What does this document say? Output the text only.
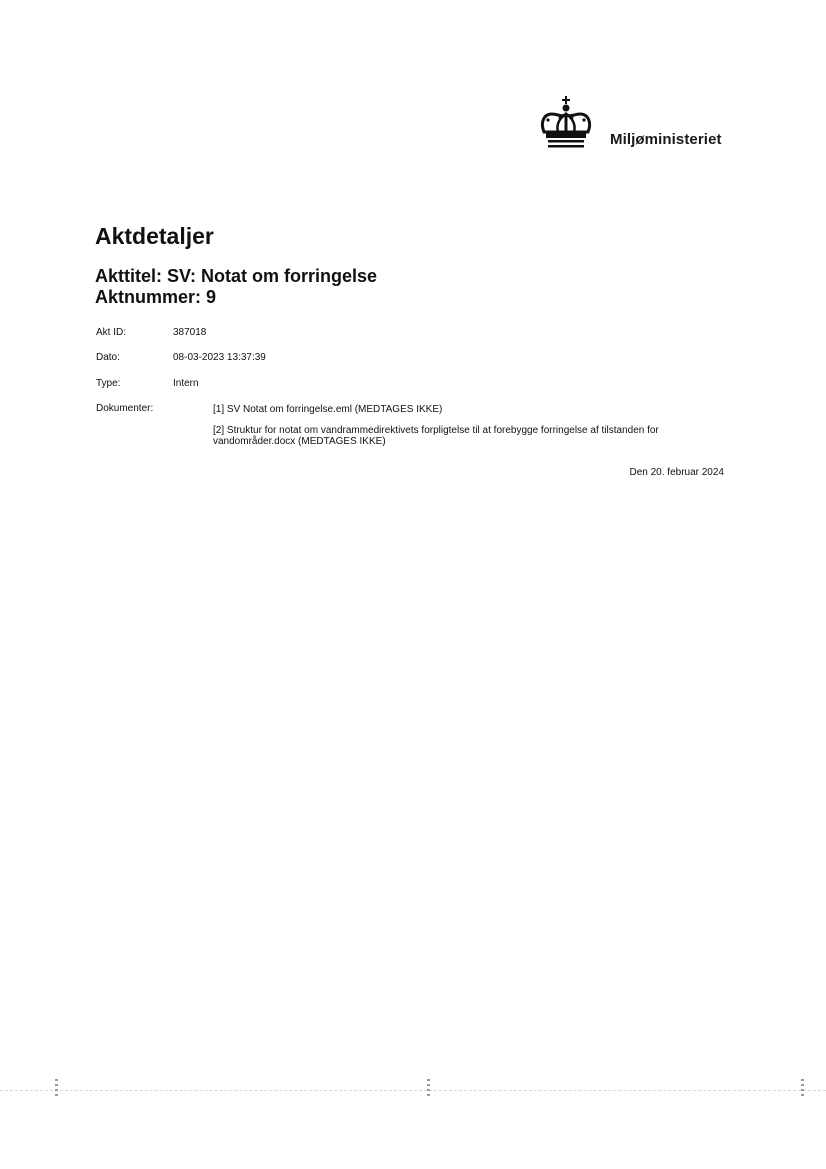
Miljøministeriet
Aktdetaljer
Akttitel: SV: Notat om forringelse
Aktnummer: 9
Akt ID:	387018
Dato:	08-03-2023 13:37:39
Type:	Intern
Dokumenter:	[1] SV Notat om forringelse.eml (MEDTAGES IKKE)
[2] Struktur for notat om vandrammedirektivets forpligtelse til at forebygge forringelse af tilstanden for vandområder.docx (MEDTAGES IKKE)
Den 20. februar 2024
